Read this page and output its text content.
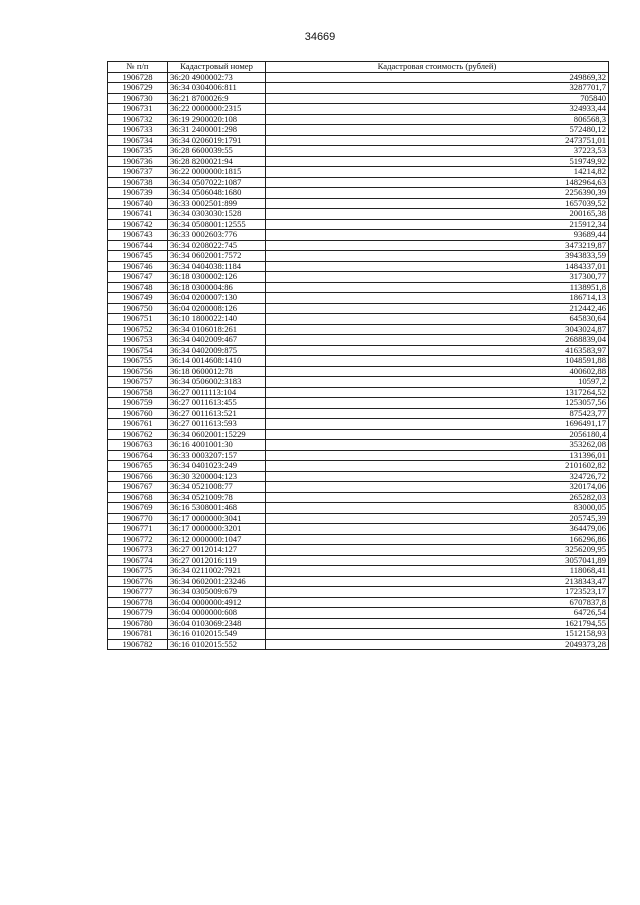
34669
№ п/п	Кадастровый номер	Кадастровая стоимость (рублей)
1906728	36:20 4900002:73	249869,32
1906729	36:34 0304006:811	3287701,7
1906730	36:21 8700026:9	705840
1906731	36:22 0000000:2315	324933,44
1906732	36:19 2900020:108	806568,3
1906733	36:31 2400001:298	572480,12
1906734	36:34 0206019:1791	2473751,01
1906735	36:28 6600039:55	37223,53
1906736	36:28 8200021:94	519749,92
1906737	36:22 0000000:1815	14214,82
1906738	36:34 0507022:1087	1482964,63
1906739	36:34 0506048:1680	2256390,39
1906740	36:33 0002501:899	1657039,52
1906741	36:34 0303030:1528	200165,38
1906742	36:34 0508001:12555	215912,34
1906743	36:33 0002603:776	93689,44
1906744	36:34 0208022:745	3473219,87
1906745	36:34 0602001:7572	3943833,59
1906746	36:34 0404038:1184	1484337,01
1906747	36:18 0300002:126	317300,77
1906748	36:18 0300004:86	1138951,8
1906749	36:04 0200007:130	186714,13
1906750	36:04 0200008:126	212442,46
1906751	36:10 1800022:140	645830,64
1906752	36:34 0106018:261	3043024,87
1906753	36:34 0402009:467	2688839,04
1906754	36:34 0402009:875	4163583,97
1906755	36:14 0014608:1410	1048591,88
1906756	36:18 0600012:78	400602,88
1906757	36:34 0506002:3183	10597,2
1906758	36:27 0011113:104	1317264,52
1906759	36:27 0011613:455	1253057,56
1906760	36:27 0011613:521	875423,77
1906761	36:27 0011613:593	1696491,17
1906762	36:34 0602001:15229	2056180,4
1906763	36:16 4001001:30	353262,08
1906764	36:33 0003207:157	131396,01
1906765	36:34 0401023:249	2101602,82
1906766	36:30 3200004:123	324726,72
1906767	36:34 0521008:77	320174,06
1906768	36:34 0521009:78	265282,03
1906769	36:16 5308001:468	83000,05
1906770	36:17 0000000:3041	205745,39
1906771	36:17 0000000:3201	364479,06
1906772	36:12 0000000:1047	166296,86
1906773	36:27 0012014:127	3256209,95
1906774	36:27 0012016:119	3057041,89
1906775	36:34 0211002:7921	118068,41
1906776	36:34 0602001:23246	2138343,47
1906777	36:34 0305009:679	1723523,17
1906778	36:04 0000000:4912	6707837,8
1906779	36:04 0000000:608	64726,54
1906780	36:04 0103069:2348	1621794,55
1906781	36:16 0102015:549	1512158,93
1906782	36:16 0102015:552	2049373,28
